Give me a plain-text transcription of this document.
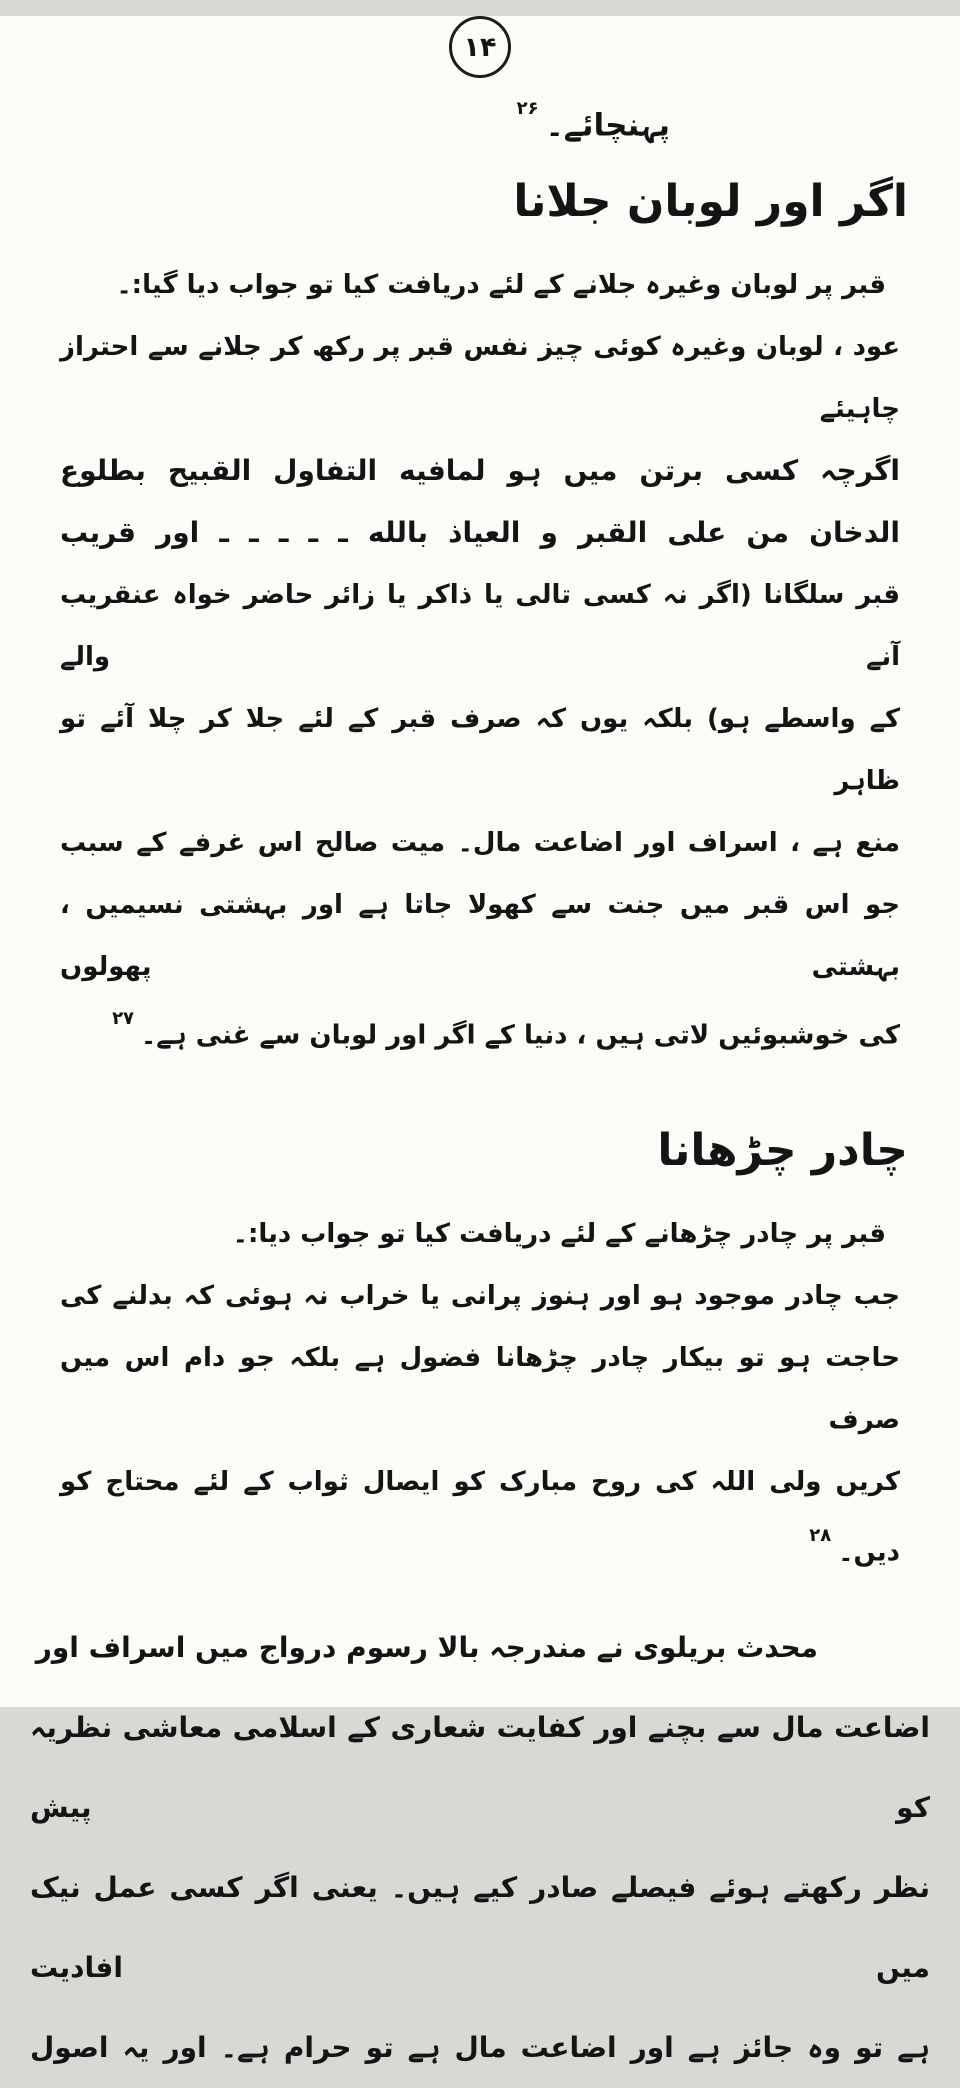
۱۴
پہنچائے۔$^{۲۶}$
اگر اور لوبان جلانا
قبر پر لوبان وغیرہ جلانے کے لئے دریافت کیا تو جواب دیا گیا:۔
عود ، لوبان وغیرہ کوئی چیز نفس قبر پر رکھ کر جلانے سے احتراز چاہیئے
اگرچہ کسی برتن میں ہو لمافیه التفاول القبیح بطلوع
الدخان من علی القبر و العیاذ بالله ـ ـ ـ ـ ـ اور قریب
قبر سلگانا (اگر نہ کسی تالی یا ذاکر یا زائر حاضر خواہ عنقریب آنے والے
کے واسطے ہو) بلکہ یوں کہ صرف قبر کے لئے جلا کر چلا آئے تو ظاہر
منع ہے ، اسراف اور اضاعت مال۔ میت صالح اس غرفے کے سبب
جو اس قبر میں جنت سے کھولا جاتا ہے اور بہشتی نسیمیں ، بہشتی پھولوں
کی خوشبوئیں لاتی ہیں ، دنیا کے اگر اور لوبان سے غنی ہے۔$^{۲۷}$
چادر چڑھانا
قبر پر چادر چڑھانے کے لئے دریافت کیا تو جواب دیا:۔
جب چادر موجود ہو اور ہنوز پرانی یا خراب نہ ہوئی کہ بدلنے کی
حاجت ہو تو بیکار چادر چڑھانا فضول ہے بلکہ جو دام اس میں صرف
کریں ولی اللہ کی روح مبارک کو ایصال ثواب کے لئے محتاج کو
دیں۔$^{۲۸}$
محدث بریلوی نے مندرجہ بالا رسوم درواج میں اسراف اور
اضاعت مال سے بچنے اور کفایت شعاری کے اسلامی معاشی نظریہ کو پیش
نظر رکھتے ہوئے فیصلے صادر کیے ہیں۔ یعنی اگر کسی عمل نیک میں افادیت
ہے تو وہ جائز ہے اور اضاعت مال ہے تو حرام ہے۔ اور یہ اصول
